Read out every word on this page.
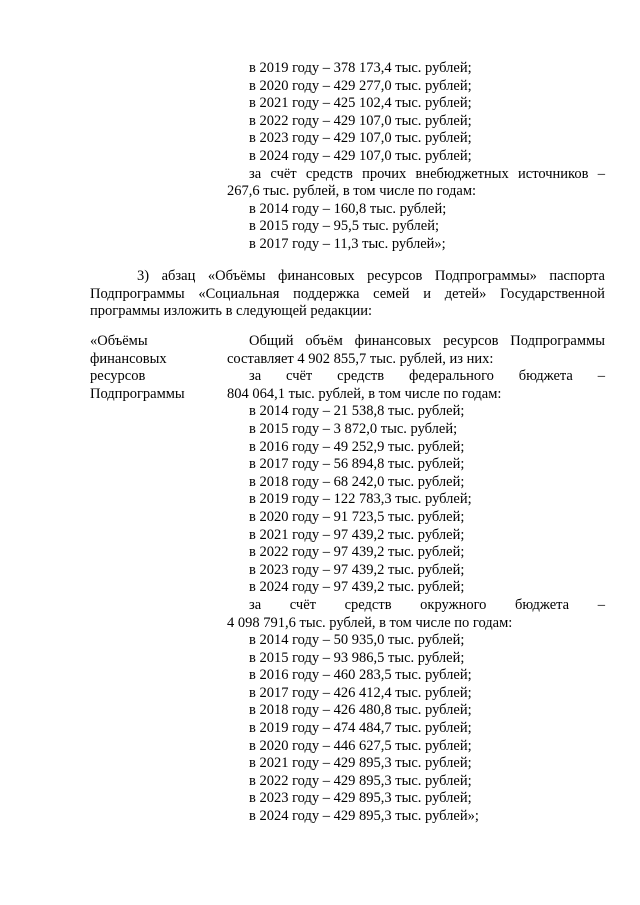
в 2019 году – 378 173,4 тыс. рублей;
в 2020 году – 429 277,0 тыс. рублей;
в 2021 году – 425 102,4 тыс. рублей;
в 2022 году – 429 107,0 тыс. рублей;
в 2023 году – 429 107,0 тыс. рублей;
в 2024 году – 429 107,0 тыс. рублей;
за счёт средств прочих внебюджетных источников –
267,6 тыс. рублей, в том числе по годам:
в 2014 году – 160,8 тыс. рублей;
в 2015 году – 95,5 тыс. рублей;
в 2017 году – 11,3 тыс. рублей»;
3) абзац «Объёмы финансовых ресурсов Подпрограммы» паспорта
Подпрограммы «Социальная поддержка семей и детей» Государственной
программы изложить в следующей редакции:
«Объёмы
финансовых
ресурсов
Подпрограммы
Общий объём финансовых ресурсов Подпрограммы
составляет 4 902 855,7 тыс. рублей, из них:
за счёт средств федерального бюджета –
804 064,1 тыс. рублей, в том числе по годам:
в 2014 году – 21 538,8 тыс. рублей;
в 2015 году – 3 872,0 тыс. рублей;
в 2016 году – 49 252,9 тыс. рублей;
в 2017 году – 56 894,8 тыс. рублей;
в 2018 году – 68 242,0 тыс. рублей;
в 2019 году – 122 783,3 тыс. рублей;
в 2020 году – 91 723,5 тыс. рублей;
в 2021 году – 97 439,2 тыс. рублей;
в 2022 году – 97 439,2 тыс. рублей;
в 2023 году – 97 439,2 тыс. рублей;
в 2024 году – 97 439,2 тыс. рублей;
за счёт средств окружного бюджета –
4 098 791,6 тыс. рублей, в том числе по годам:
в 2014 году – 50 935,0 тыс. рублей;
в 2015 году – 93 986,5 тыс. рублей;
в 2016 году – 460 283,5 тыс. рублей;
в 2017 году – 426 412,4 тыс. рублей;
в 2018 году – 426 480,8 тыс. рублей;
в 2019 году – 474 484,7 тыс. рублей;
в 2020 году – 446 627,5 тыс. рублей;
в 2021 году – 429 895,3 тыс. рублей;
в 2022 году – 429 895,3 тыс. рублей;
в 2023 году – 429 895,3 тыс. рублей;
в 2024 году – 429 895,3 тыс. рублей»;
